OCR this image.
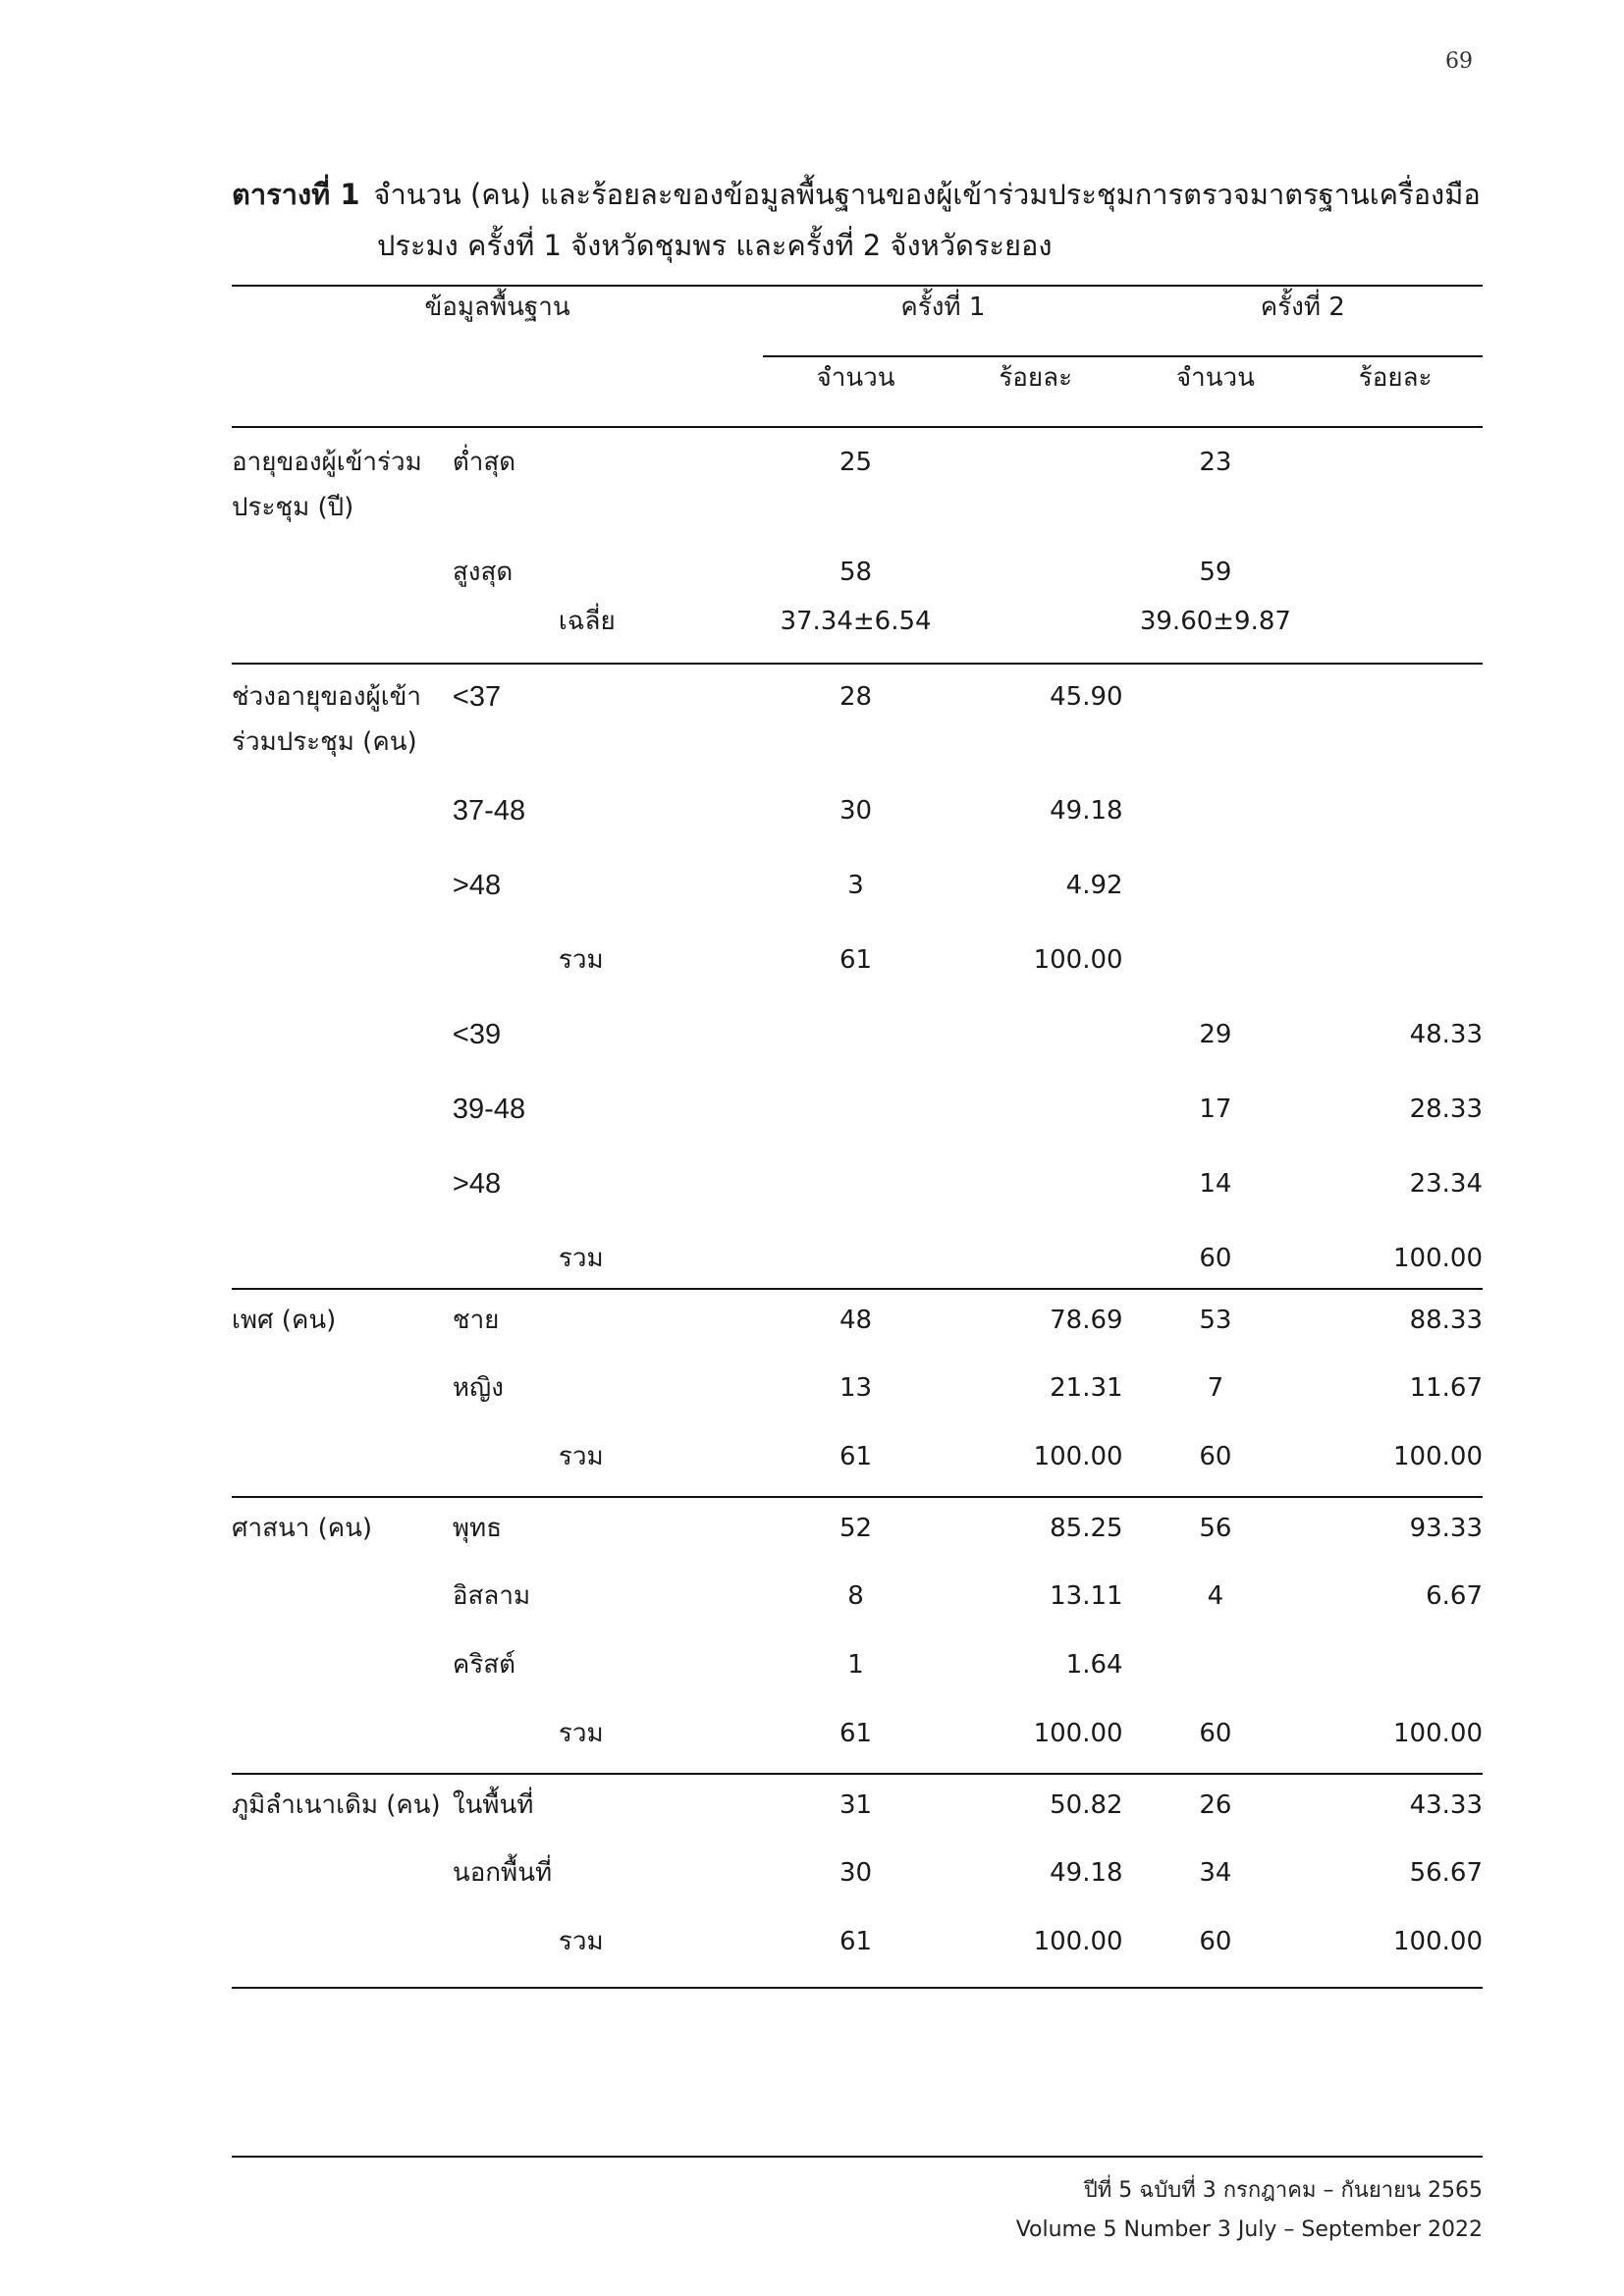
69
ตารางที่ 1 จำนวน (คน) และร้อยละของข้อมูลพื้นฐานของผู้เข้าร่วมประชุมการตรวจมาตรฐานเครื่องมือ
ประมง ครั้งที่ 1 จังหวัดชุมพร และครั้งที่ 2 จังหวัดระยอง
ข้อมูลพื้นฐาน		ครั้งที่ 1		ครั้งที่ 2	
		จำนวน	ร้อยละ	จำนวน	ร้อยละ
อายุของผู้เข้าร่วมประชุม (ปี)	ต่ำสุด	25		23	
	สูงสุด	58		59	
	เฉลี่ย	37.34±6.54		39.60±9.87	
ช่วงอายุของผู้เข้าร่วมประชุม (คน)	<37	28	45.90		
	37-48	30	49.18		
	>48	3	4.92		
	รวม	61	100.00		
	<39			29	48.33
	39-48			17	28.33
	>48			14	23.34
	รวม			60	100.00
เพศ (คน)	ชาย	48	78.69	53	88.33
	หญิง	13	21.31	7	11.67
	รวม	61	100.00	60	100.00
ศาสนา (คน)	พุทธ	52	85.25	56	93.33
	อิสลาม	8	13.11	4	6.67
	คริสต์	1	1.64		
	รวม	61	100.00	60	100.00
ภูมิลำเนาเดิม (คน)	ในพื้นที่	31	50.82	26	43.33
	นอกพื้นที่	30	49.18	34	56.67
	รวม	61	100.00	60	100.00
ปีที่ 5 ฉบับที่ 3 กรกฎาคม – กันยายน 2565
Volume 5 Number 3 July – September 2022
